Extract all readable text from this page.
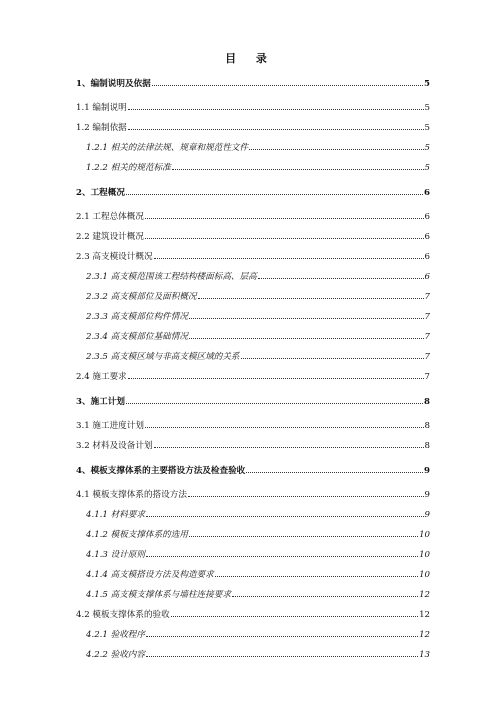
目 录
1、编制说明及依据	5
1.1 编制说明	5
1.2 编制依据	5
1.2.1 相关的法律法规、规章和规范性文件	5
1.2.2 相关的规范标准	5
2、工程概况	6
2.1 工程总体概况	6
2.2 建筑设计概况	6
2.3 高支模设计概况	6
2.3.1 高支模范围该工程结构楼面标高、层高	6
2.3.2 高支模部位及面积概况	7
2.3.3 高支模部位构件情况	7
2.3.4 高支模部位基础情况	7
2.3.5 高支模区域与非高支模区域的关系	7
2.4 施工要求	7
3、施工计划	8
3.1 施工进度计划	8
3.2 材料及设备计划	8
4、模板支撑体系的主要搭设方法及检查验收	9
4.1 模板支撑体系的搭设方法	9
4.1.1 材料要求	9
4.1.2 模板支撑体系的选用	10
4.1.3 设计原则	10
4.1.4 高支模搭设方法及构造要求	10
4.1.5 高支模支撑体系与墙柱连接要求	12
4.2 模板支撑体系的验收	12
4.2.1 验收程序	12
4.2.2 验收内容	13
